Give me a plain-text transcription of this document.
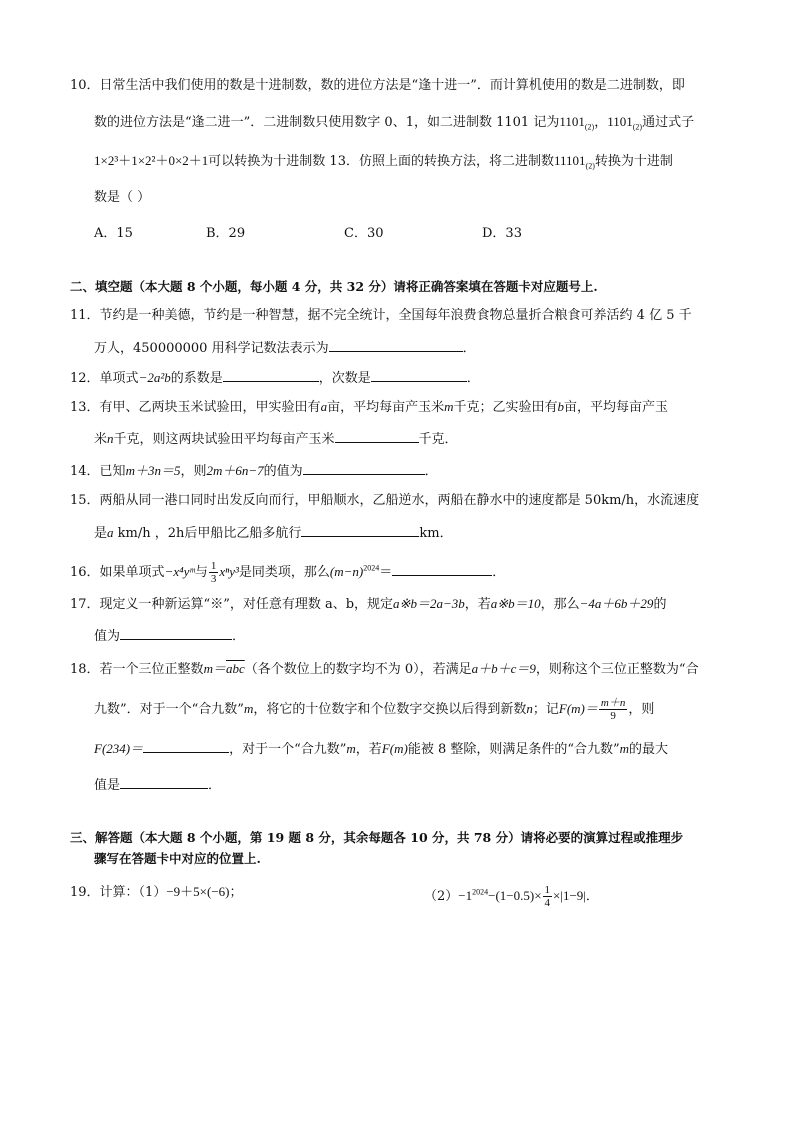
10．日常生活中我们使用的数是十进制数，数的进位方法是“逢十进一”．而计算机使用的数是二进制数，即
数的进位方法是“逢二进一”．二进制数只使用数字 0、1，如二进制数 1101 记为$1101_{(2)}$，$1101_{(2)}$通过式子
1×2³＋1×2²＋0×2＋1可以转换为十进制数 13．仿照上面的转换方法，将二进制数$11101_{(2)}$转换为十进制
数是（ ）
A．15	B．29	C．30	D．33
二、填空题（本大题 8 个小题，每小题 4 分，共 32 分）请将正确答案填在答题卡对应题号上.
11．节约是一种美德，节约是一种智慧，据不完全统计，全国每年浪费食物总量折合粮食可养活约 4 亿 5 千
万人，450000000 用科学记数法表示为	．
12．单项式−2a²b的系数是	，次数是	．
13．有甲、乙两块玉米试验田，甲实验田有a亩，平均每亩产玉米m千克；乙实验田有b亩，平均每亩产玉
米n千克，则这两块试验田平均每亩产玉米	千克．
14．已知m＋3n＝5，则2m＋6n−7的值为	．
15．两船从同一港口同时出发反向而行，甲船顺水，乙船逆水，两船在静水中的速度都是 50km/h，水流速度
是a km/h ，2h后甲船比乙船多航行	km．
16．如果单项式−x⁴yᵐ与 $\frac{1}{3} x^ny^3$是同类项，那么$(m-n)^{2024}=$	．
17．现定义一种新运算“※”，对任意有理数 a、b，规定a※b＝2a−3b，若a※b＝10，那么−4a＋6b＋29的
值为	．
18．若一个三位正整数$m=\overline{abc}$（各个数位上的数字均不为 0），若满足a＋b＋c＝9，则称这个三位正整数为“合
九数”．对于一个“合九数”m，将它的十位数字和个位数字交换以后得到新数n；记$F(m)= \frac{m+n}{9}$ ，则
F(234)＝	，对于一个“合九数”m，若F(m)能被 8 整除，则满足条件的“合九数”m的最大
值是	．
三、解答题（本大题 8 个小题，第 19 题 8 分，其余每题各 10 分，共 78 分）请将必要的演算过程或推理步
骤写在答题卡中对应的位置上.
19．计算：（1）−9＋5×(−6)；	$(2)-1^{2024}-(1-0.5)\times \frac{1}{4} \times|1-9|$．
